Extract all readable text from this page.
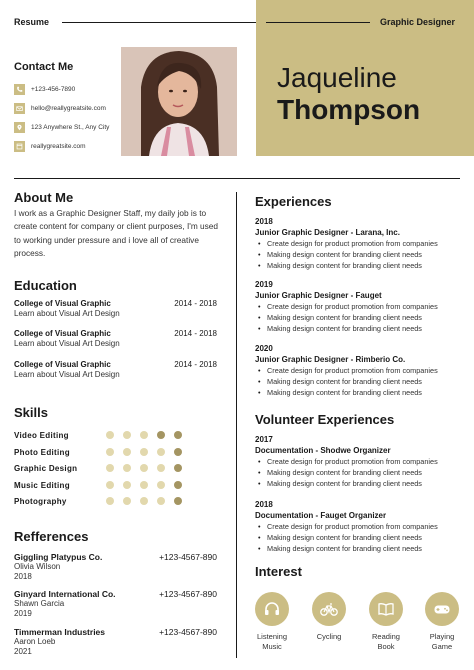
Resume	Graphic Designer
Contact Me
+123-456-7890
hello@reallygreatsite.com
123 Anywhere St., Any City
reallygreatsite.com
Jaqueline
Thompson
About Me
I work as a Graphic Designer Staff, my daily job is to create content for company or client purposes, I'm used to working under pressure and i love all of creative process.
Education
College of Visual Graphic	2014 - 2018
Learn about Visual Art Design
College of Visual Graphic	2014 - 2018
Learn about Visual Art Design
College of Visual Graphic	2014 - 2018
Learn about Visual Art Design
Skills
Video Editing
Photo Editing
Graphic Design
Music Editing
Photography
Refferences
Giggling Platypus Co.	+123-4567-890
Olivia Wilson
2018
Ginyard International Co.	+123-4567-890
Shawn Garcia
2019
Timmerman Industries	+123-4567-890
Aaron Loeb
2021
Experiences
2018
Junior Graphic Designer - Larana, Inc.
• Create design for product promotion from companies
• Making design content for branding client needs
• Making design content for branding client needs
2019
Junior Graphic Designer - Fauget
• Create design for product promotion from companies
• Making design content for branding client needs
• Making design content for branding client needs
2020
Junior Graphic Designer - Rimberio Co.
• Create design for product promotion from companies
• Making design content for branding client needs
• Making design content for branding client needs
Volunteer Experiences
2017
Documentation - Shodwe Organizer
• Create design for product promotion from companies
• Making design content for branding client needs
• Making design content for branding client needs
2018
Documentation - Fauget Organizer
• Create design for product promotion from companies
• Making design content for branding client needs
• Making design content for branding client needs
Interest
Listening
Music
Cycling	Reading
Book
Playing
Game
